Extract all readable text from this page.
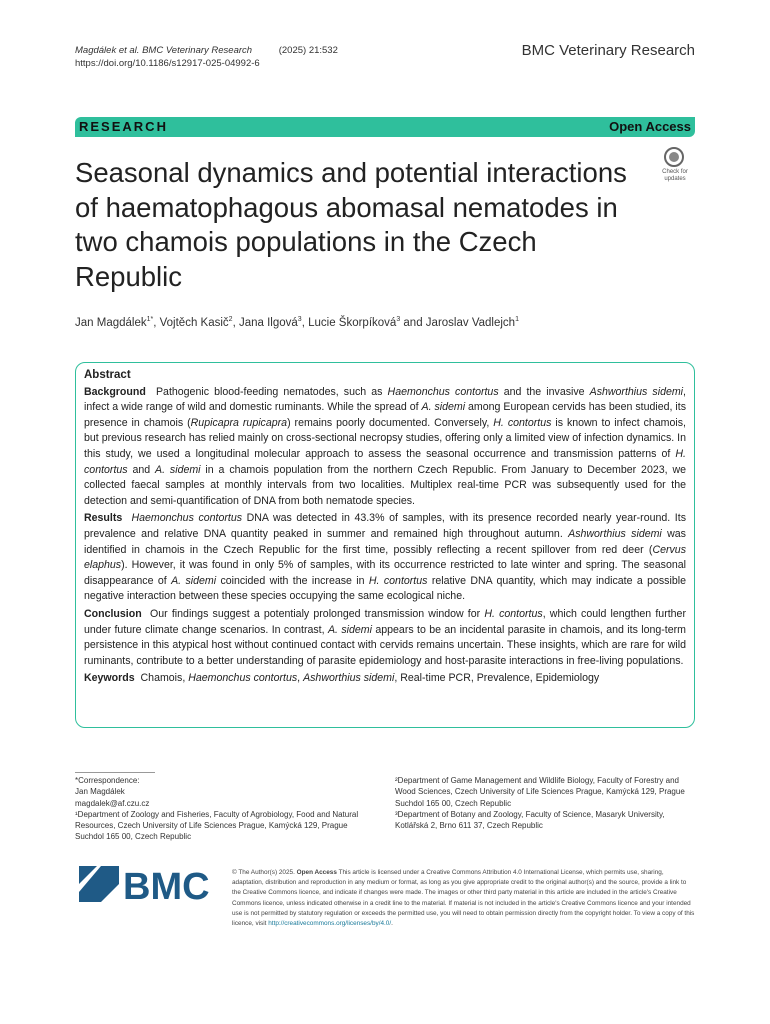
Magdálek et al. BMC Veterinary Research	(2025) 21:532
https://doi.org/10.1186/s12917-025-04992-6
BMC Veterinary Research
RESEARCH	Open Access
Check for
updates
Seasonal dynamics and potential interactions of haematophagous abomasal nematodes in two chamois populations in the Czech Republic
Jan Magdálek$^{1*}$, Vojtěch Kasič$^2$, Jana Ilgová$^3$, Lucie Škorpíková$^3$ and Jaroslav Vadlejch$^1$
Abstract

Background Pathogenic blood-feeding nematodes, such as Haemonchus contortus and the invasive Ashworthius sidemi, infect a wide range of wild and domestic ruminants. While the spread of A. sidemi among European cervids has been studied, its presence in chamois (Rupicapra rupicapra) remains poorly documented. Conversely, H. contortus is known to infect chamois, but previous research has relied mainly on cross-sectional necropsy studies, offering only a limited view of infection dynamics. In this study, we used a longitudinal molecular approach to assess the seasonal occurrence and transmission patterns of H. contortus and A. sidemi in a chamois population from the northern Czech Republic. From January to December 2023, we collected faecal samples at monthly intervals from two localities. Multiplex real-time PCR was subsequently used for the detection and semi-quantification of DNA from both nematode species.

Results Haemonchus contortus DNA was detected in 43.3% of samples, with its presence recorded nearly year-round. Its prevalence and relative DNA quantity peaked in summer and remained high throughout autumn. Ashworthius sidemi was identified in chamois in the Czech Republic for the first time, possibly reflecting a recent spillover from red deer (Cervus elaphus). However, it was found in only 5% of samples, with its occurrence restricted to late winter and spring. The seasonal disappearance of A. sidemi coincided with the increase in H. contortus relative DNA quantity, which may indicate a possible negative interaction between these species occupying the same ecological niche.

Conclusion Our findings suggest a potentialy prolonged transmission window for H. contortus, which could lengthen further under future climate change scenarios. In contrast, A. sidemi appears to be an incidental parasite in chamois, and its long-term persistence in this atypical host without continued contact with cervids remains uncertain. These insights, which are rare for wild ruminants, contribute to a better understanding of parasite epidemiology and host-parasite interactions in free-living populations.

Keywords Chamois, Haemonchus contortus, Ashworthius sidemi, Real-time PCR, Prevalence, Epidemiology

*Correspondence:
Jan Magdálek
magdalek@af.czu.cz
¹Department of Zoology and Fisheries, Faculty of Agrobiology, Food and Natural Resources, Czech University of Life Sciences Prague, Kamýcká 129, Prague Suchdol 165 00, Czech Republic
²Department of Game Management and Wildlife Biology, Faculty of Forestry and Wood Sciences, Czech University of Life Sciences Prague, Kamýcká 129, Prague Suchdol 165 00, Czech Republic
³Department of Botany and Zoology, Faculty of Science, Masaryk University, Kotlářská 2, Brno 611 37, Czech Republic
BMC	© The Author(s) 2025. Open Access This article is licensed under a Creative Commons Attribution 4.0 International License, which permits use, sharing, adaptation, distribution and reproduction in any medium or format, as long as you give appropriate credit to the original author(s) and the source, provide a link to the Creative Commons licence, and indicate if changes were made. The images or other third party material in this article are included in the article's Creative Commons licence, unless indicated otherwise in a credit line to the material. If material is not included in the article's Creative Commons licence and your intended use is not permitted by statutory regulation or exceeds the permitted use, you will need to obtain permission directly from the copyright holder. To view a copy of this licence, visit http://creativecommons.org/licenses/by/4.0/.
